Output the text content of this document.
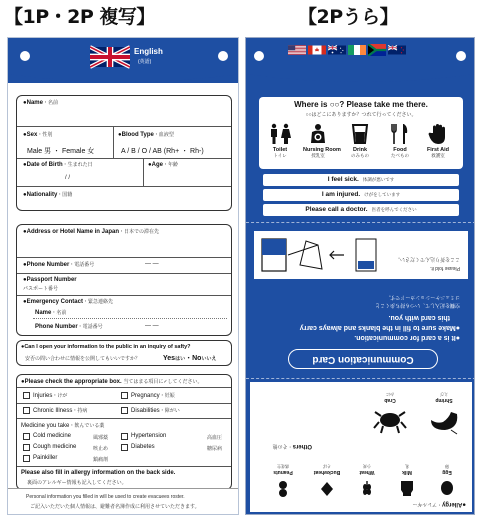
【1P・2P 複写】	【2Pうら】
English
(英語)
●Name・名前
●Sex・性別
Male 男 ・ Female 女
●Blood Type・血液型
A / B / O / AB (Rh+ ・ Rh-)
●Date of Birth・生まれた日
/ /
●Age・年齢
●Nationality・国籍
●Address or Hotel Name in Japan・日本での滞在先
●Phone Number・電話番号	— —
●Passport Number
パスポート番号
●Emergency Contact・緊急連絡先
Name・名前
Phone Number・電話番号	— —
●Can I open your information to the public in an inquiry of safty?
安否の問い合わせに情報を公開してもいいですか？	Yesはい・Noいいえ
●Please check the appropriate box. 当てはまる項目に✓してください。
Injuries・けが	Pregnancy・妊娠
Chronic Illness・持病	Disabilities・障がい
Medicine you take・飲んでいる薬
Cold medicine	風邪薬	Hypertension	高血圧
Cough medicine	咳止め	Diabetes	糖尿病
Painkiller	鎮痛剤
Please also fill in allergy information on the back side.
裏面のアレルギー情報も記入してください。
Personal information you filled in will be used to create evacuees roster.
ご記入いただいた個人情報は、避難者名簿作成に利用させていただきます。
Where is ○○? Please take me there.
○○はどこにありますか？つれて行ってください。
Toilet
トイレ
Nursing Room
授乳室
Drink
のみもの
Food
たべもの
First Aid
救護室
I feel sick. 体調が悪いです
I am injured. けがをしています
Please call a doctor. 医者を呼んでください
Communication Card
●It is a card for communication.
●Make sure to fill in the blanks and always carry
this card with you.
空欄を記入して、いつも持ち歩くこと
コミュニケーションカードです。
Please fold it.
ここを折り込んでください。
●Allergy・アレルギー
Egg
卵
Milk
乳
Wheat
小麦
Buckwheat
そば
Peanuts
落花生
Others・その他
Shrimp
えび
Crab
かに
